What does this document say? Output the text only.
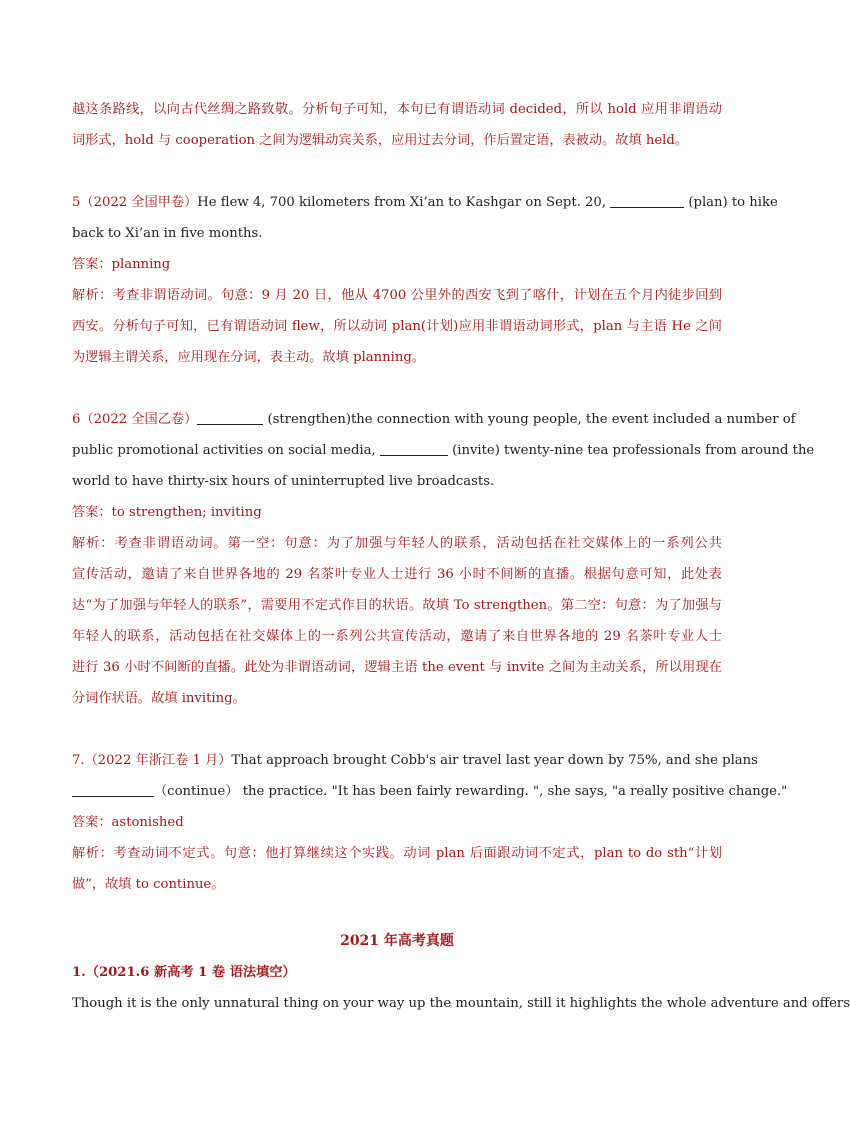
越这条路线，以向古代丝绸之路致敬。分析句子可知，本句已有谓语动词 decided，所以 hold 应用非谓语动
词形式，hold 与 cooperation 之间为逻辑动宾关系，应用过去分词，作后置定语，表被动。故填 held。
5（2022 全国甲卷）He flew 4, 700 kilometers from Xi’an to Kashgar on Sept. 20,	(plan) to hike
back to Xi’an in five months.
答案：planning
解析：考查非谓语动词。句意：9 月 20 日，他从 4700 公里外的西安飞到了喀什，计划在五个月内徒步回到
西安。分析句子可知，已有谓语动词 flew，所以动词 plan(计划)应用非谓语动词形式，plan 与主语 He 之间
为逻辑主谓关系，应用现在分词，表主动。故填 planning。
6（2022 全国乙卷）	(strengthen)the connection with young people, the event included a number of
public promotional activities on social media,	(invite) twenty-nine tea professionals from around the
world to have thirty-six hours of uninterrupted live broadcasts.
答案：to strengthen; inviting
解析：考查非谓语动词。第一空：句意：为了加强与年轻人的联系，活动包括在社交媒体上的一系列公共
宣传活动，邀请了来自世界各地的 29 名茶叶专业人士进行 36 小时不间断的直播。根据句意可知，此处表
达“为了加强与年轻人的联系”，需要用不定式作目的状语。故填 To strengthen。第二空：句意：为了加强与
年轻人的联系，活动包括在社交媒体上的一系列公共宣传活动，邀请了来自世界各地的 29 名茶叶专业人士
进行 36 小时不间断的直播。此处为非谓语动词，逻辑主语 the event 与 invite 之间为主动关系，所以用现在
分词作状语。故填 inviting。
7.（2022 年浙江卷 1 月）That approach brought Cobb's air travel last year down by 75%, and she plans
（continue） the practice. "It has been fairly rewarding. ", she says, "a really positive change."
答案：astonished
解析：考查动词不定式。句意：他打算继续这个实践。动词 plan 后面跟动词不定式，plan to do sth“计划
做”，故填 to continue。
2021 年高考真题
1.（2021.6 新高考 1 卷 语法填空）
Though it is the only unnatural thing on your way up the mountain, still it highlights the whole adventure and offers
